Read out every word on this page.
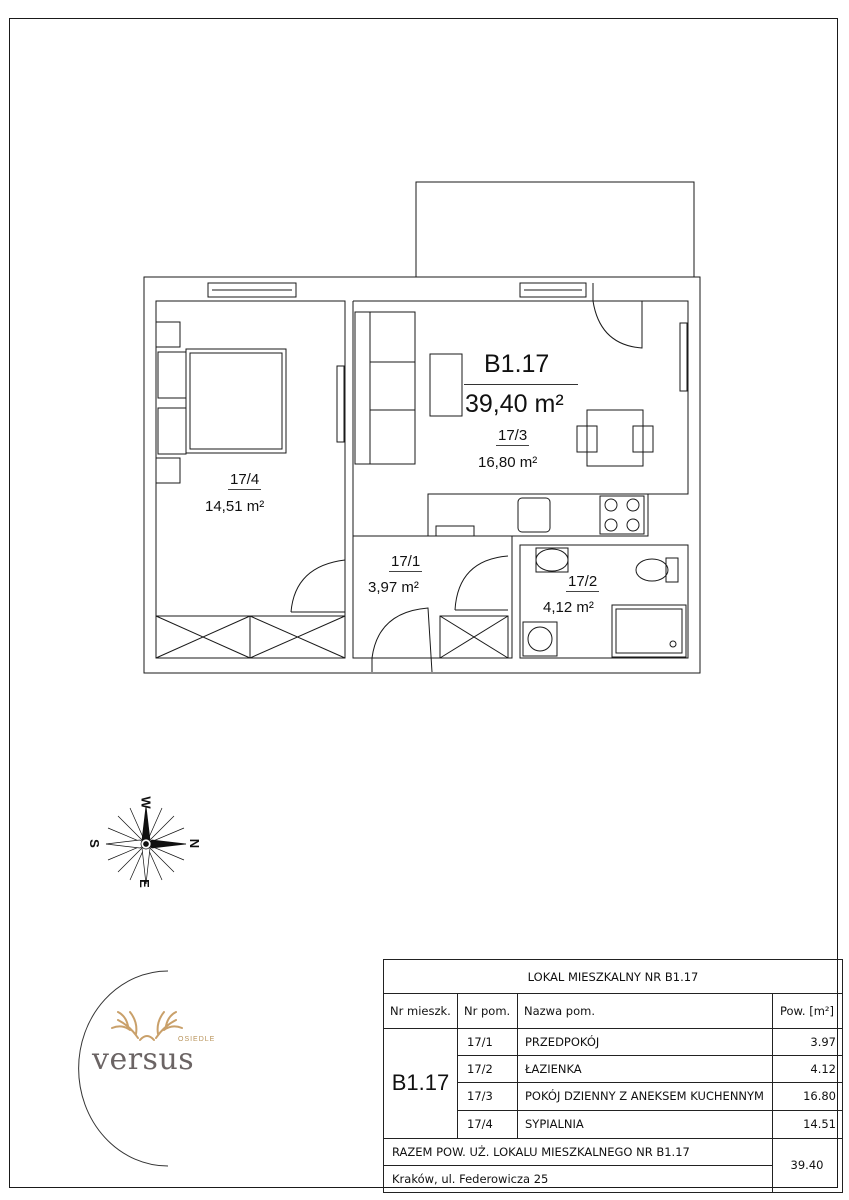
B1.17
39,40 m²
17/3
16,80 m²
17/4
14,51 m²
17/1
3,97 m²	17/2
4,12 m²
W
S	N
E
OSIEDLE
versus
LOKAL MIESZKALNY NR B1.17
Nr mieszk.	Nr pom.	Nazwa pom.	Pow. [m²]
B1.17
17/1	PRZEDPOKÓJ	3.97
17/2	ŁAZIENKA	4.12
17/3	POKÓJ DZIENNY Z ANEKSEM KUCHENNYM	16.80
17/4	SYPIALNIA	14.51
RAZEM POW. UŻ. LOKALU MIESZKALNEGO NR B1.17
Kraków, ul. Federowicza 25
39.40
